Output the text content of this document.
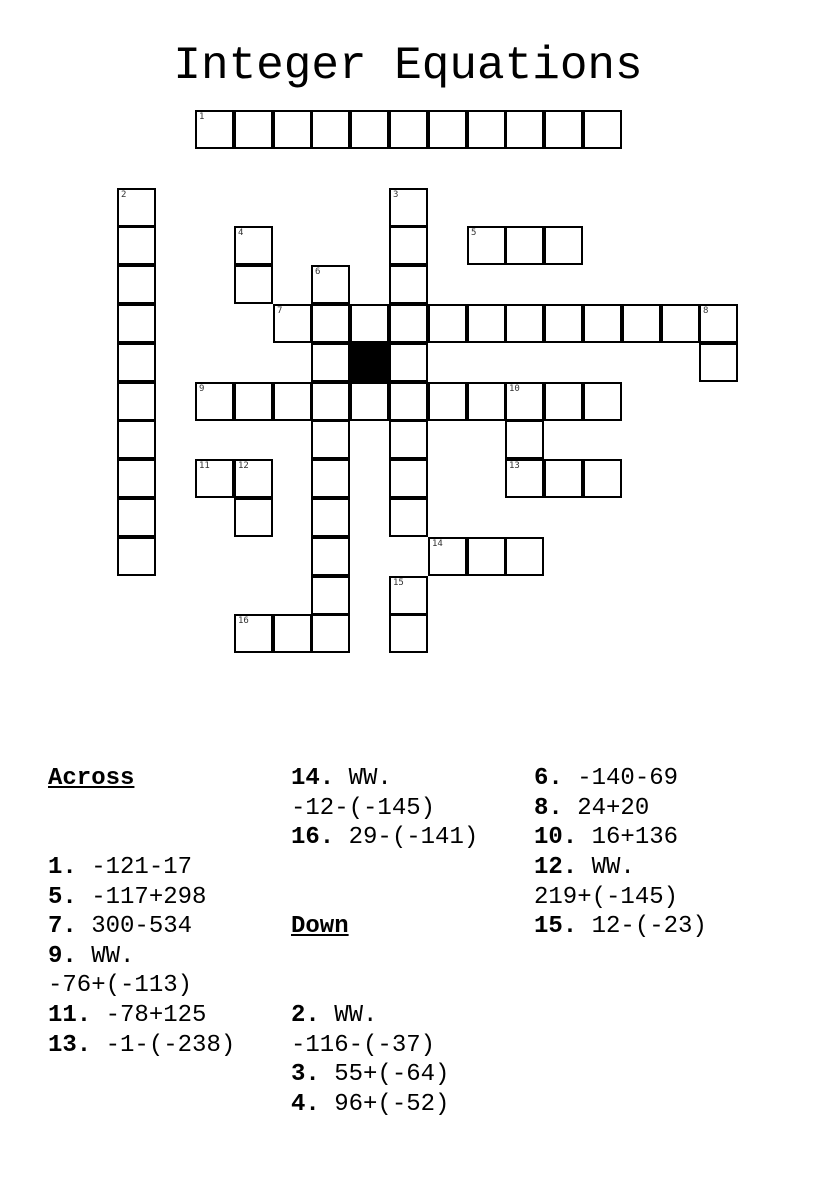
Integer Equations
1
2	3
4	5
6
7	8
9	10
11	12	13
14
15
16

Across

1. -121-17
5. -117+298
7. 300-534
9. WW.
-76+(-113)
11. -78+125
13. -1-(-238)

14. WW.
-12-(-145)
16. 29-(-141)

Down

2. WW.
-116-(-37)
3. 55+(-64)
4. 96+(-52)

6. -140-69
8. 24+20
10. 16+136
12. WW.
219+(-145)
15. 12-(-23)
